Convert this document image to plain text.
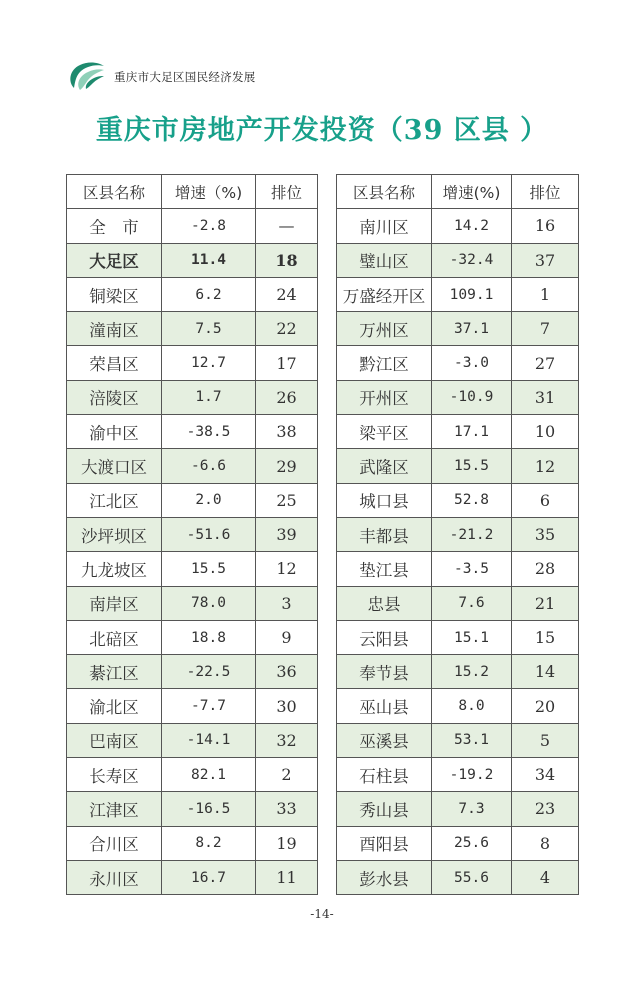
重庆市大足区国民经济发展
重庆市房地产开发投资（39 区县 ）
区县名称	增速（%)	排位
全　市	-2.8	—
大足区	11.4	18
铜梁区	6.2	24
潼南区	7.5	22
荣昌区	12.7	17
涪陵区	1.7	26
渝中区	-38.5	38
大渡口区	-6.6	29
江北区	2.0	25
沙坪坝区	-51.6	39
九龙坡区	15.5	12
南岸区	78.0	3
北碚区	18.8	9
綦江区	-22.5	36
渝北区	-7.7	30
巴南区	-14.1	32
长寿区	82.1	2
江津区	-16.5	33
合川区	8.2	19
永川区	16.7	11
区县名称	增速(%)	排位
南川区	14.2	16
璧山区	-32.4	37
万盛经开区	109.1	1
万州区	37.1	7
黔江区	-3.0	27
开州区	-10.9	31
梁平区	17.1	10
武隆区	15.5	12
城口县	52.8	6
丰都县	-21.2	35
垫江县	-3.5	28
忠县	7.6	21
云阳县	15.1	15
奉节县	15.2	14
巫山县	8.0	20
巫溪县	53.1	5
石柱县	-19.2	34
秀山县	7.3	23
酉阳县	25.6	8
彭水县	55.6	4
-14-
